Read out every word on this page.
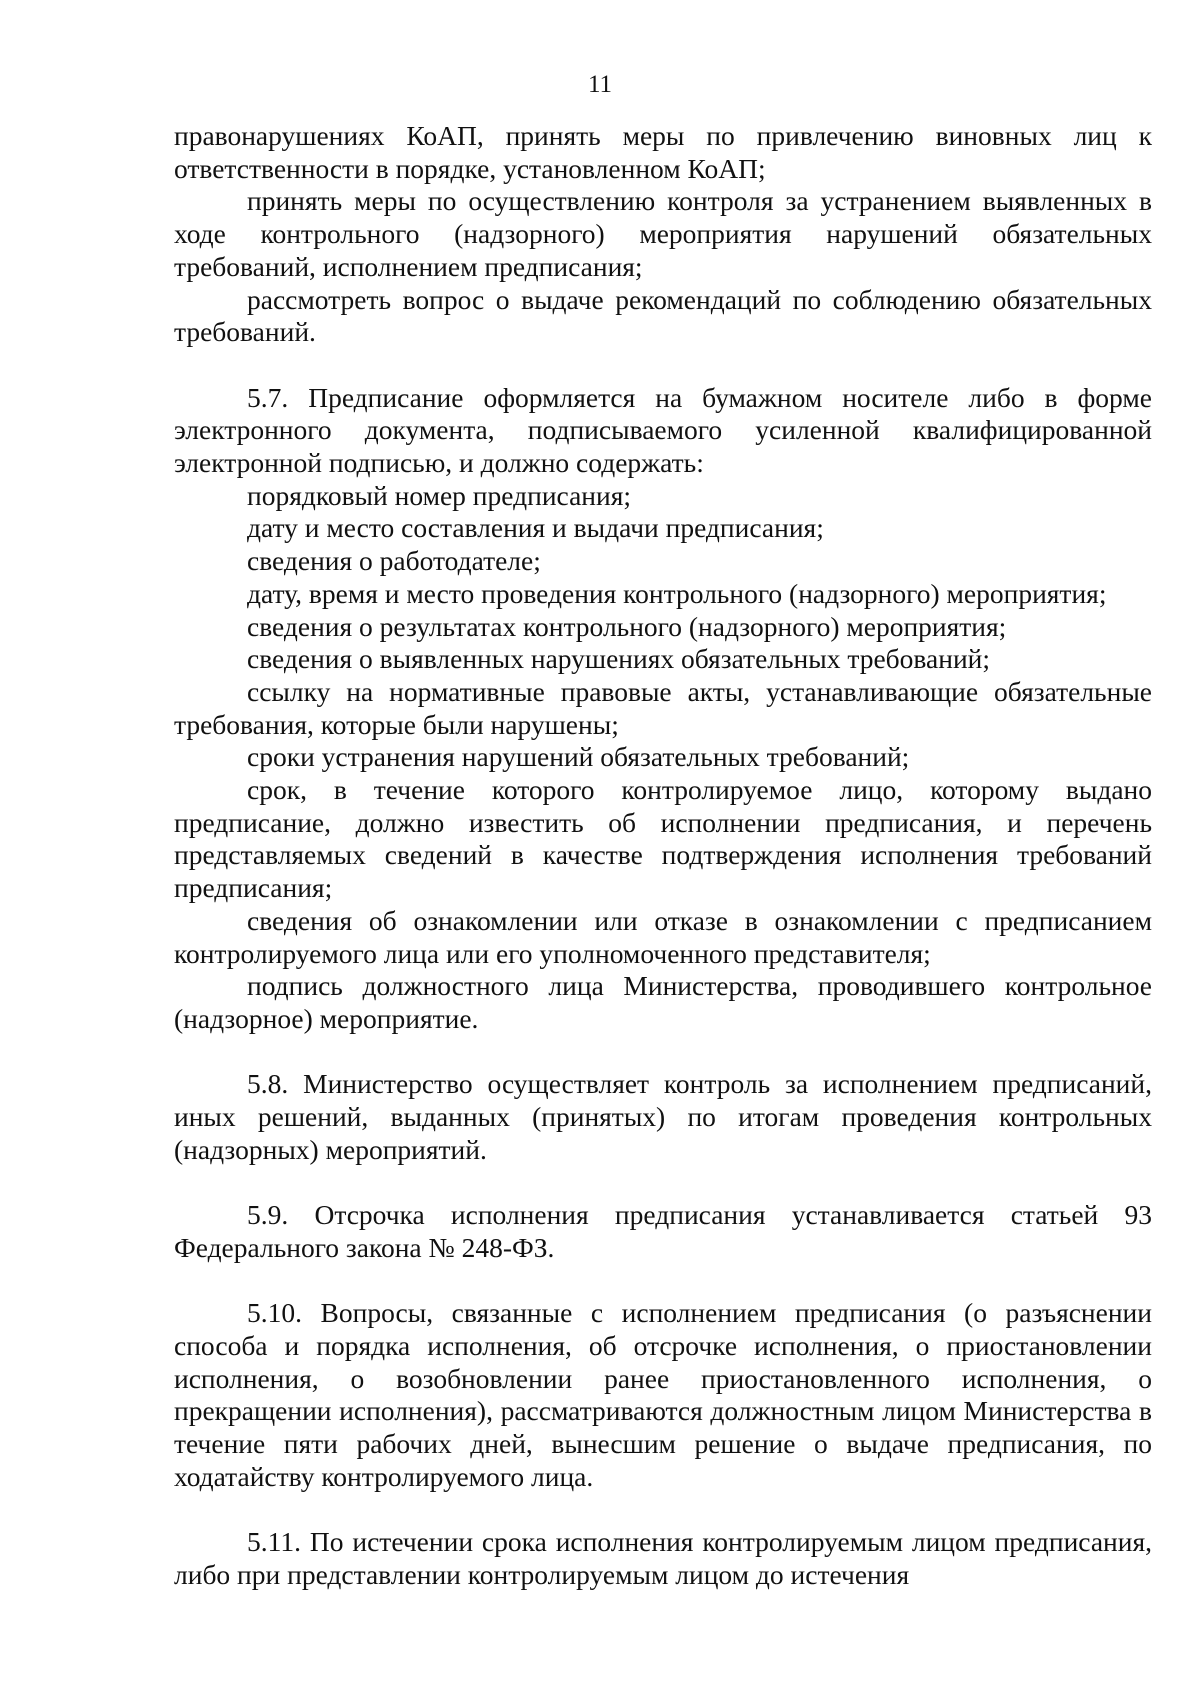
11

правонарушениях КоАП, принять меры по привлечению виновных лиц к ответственности в порядке, установленном КоАП;

принять меры по осуществлению контроля за устранением выявленных в ходе контрольного (надзорного) мероприятия нарушений обязательных требований, исполнением предписания;

рассмотреть вопрос о выдаче рекомендаций по соблюдению обязательных требований.

5.7. Предписание оформляется на бумажном носителе либо в форме электронного документа, подписываемого усиленной квалифицированной электронной подписью, и должно содержать:

порядковый номер предписания;

дату и место составления и выдачи предписания;

сведения о работодателе;

дату, время и место проведения контрольного (надзорного) мероприятия;

сведения о результатах контрольного (надзорного) мероприятия;

сведения о выявленных нарушениях обязательных требований;

ссылку на нормативные правовые акты, устанавливающие обязательные требования, которые были нарушены;

сроки устранения нарушений обязательных требований;

срок, в течение которого контролируемое лицо, которому выдано предписание, должно известить об исполнении предписания, и перечень представляемых сведений в качестве подтверждения исполнения требований предписания;

сведения об ознакомлении или отказе в ознакомлении с предписанием контролируемого лица или его уполномоченного представителя;

подпись должностного лица Министерства, проводившего контрольное (надзорное) мероприятие.

5.8. Министерство осуществляет контроль за исполнением предписаний, иных решений, выданных (принятых) по итогам проведения контрольных (надзорных) мероприятий.

5.9. Отсрочка исполнения предписания устанавливается статьей 93 Федерального закона № 248-ФЗ.

5.10. Вопросы, связанные с исполнением предписания (о разъяснении способа и порядка исполнения, об отсрочке исполнения, о приостановлении исполнения, о возобновлении ранее приостановленного исполнения, о прекращении исполнения), рассматриваются должностным лицом Министерства в течение пяти рабочих дней, вынесшим решение о выдаче предписания, по ходатайству контролируемого лица.

5.11. По истечении срока исполнения контролируемым лицом предписания, либо при представлении контролируемым лицом до истечения
